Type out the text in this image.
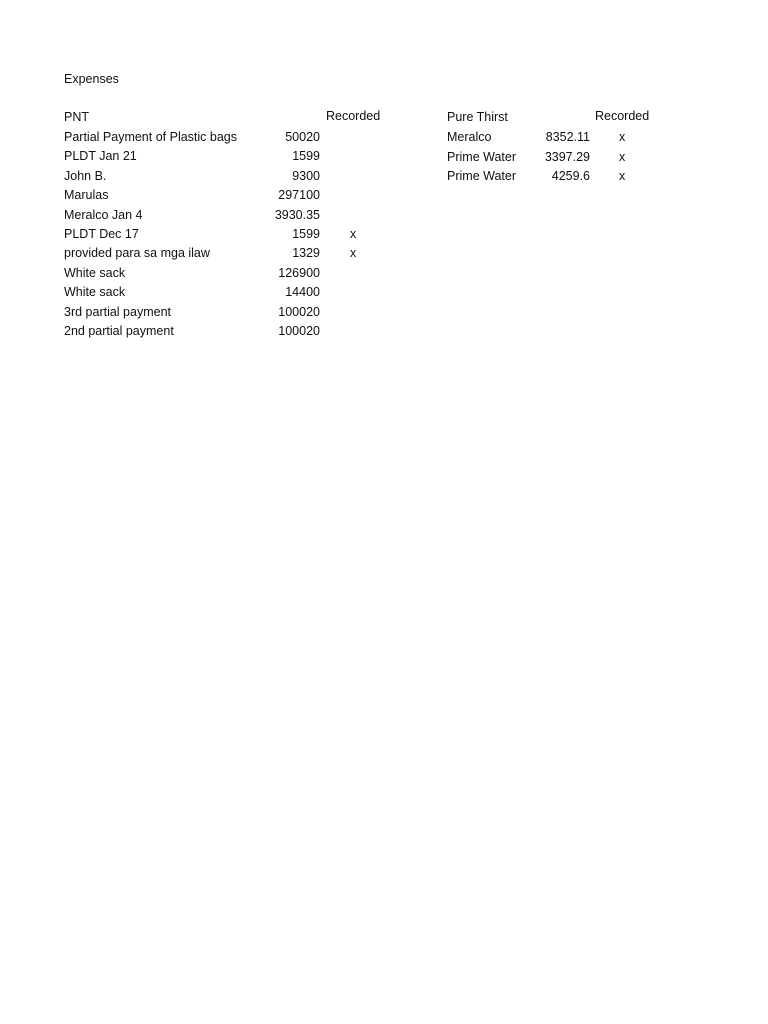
Expenses
PNT	Recorded
Partial Payment of Plastic bags	50020
PLDT Jan 21	1599
John B.	9300
Marulas	297100
Meralco Jan 4	3930.35
PLDT Dec 17	1599 x
provided para sa mga ilaw	1329 x
White sack	126900
White sack	14400
3rd partial payment	100020
2nd partial payment	100020
Pure Thirst	Recorded
Meralco	8352.11 x
Prime Water	3397.29 x
Prime Water	4259.6 x
